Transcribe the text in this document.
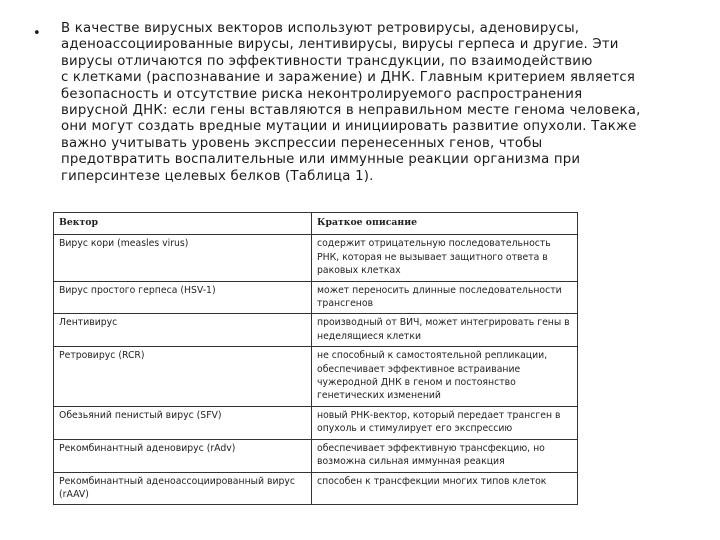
• В качестве вирусных векторов используют ретровирусы, аденовирусы,
аденоассоциированные вирусы, лентивирусы, вирусы герпеса и другие. Эти
вирусы отличаются по эффективности трансдукции, по взаимодействию
с клетками (распознавание и заражение) и ДНК. Главным критерием является
безопасность и отсутствие риска неконтролируемого распространения
вирусной ДНК: если гены вставляются в неправильном месте генома человека,
они могут создать вредные мутации и инициировать развитие опухоли. Также
важно учитывать уровень экспрессии перенесенных генов, чтобы
предотвратить воспалительные или иммунные реакции организма при
гиперсинтезе целевых белков (Таблица 1).

Вектор	Краткое описание
Вирус кори (measles virus)	содержит отрицательную последовательность РНК, которая не вызывает защитного ответа в раковых клетках
Вирус простого герпеса (HSV-1)	может переносить длинные последовательности трансгенов
Лентивирус	производный от ВИЧ, может интегрировать гены в неделящиеся клетки
Ретровирус (RCR)	не способный к самостоятельной репликации, обеспечивает эффективное встраивание чужеродной ДНК в геном и постоянство генетических изменений
Обезьяний пенистый вирус (SFV)	новый РНК-вектор, который передает трансген в опухоль и стимулирует его экспрессию
Рекомбинантный аденовирус (rAdv)	обеспечивает эффективную трансфекцию, но возможна сильная иммунная реакция
Рекомбинантный аденоассоциированный вирус (rAAV)	способен к трансфекции многих типов клеток
